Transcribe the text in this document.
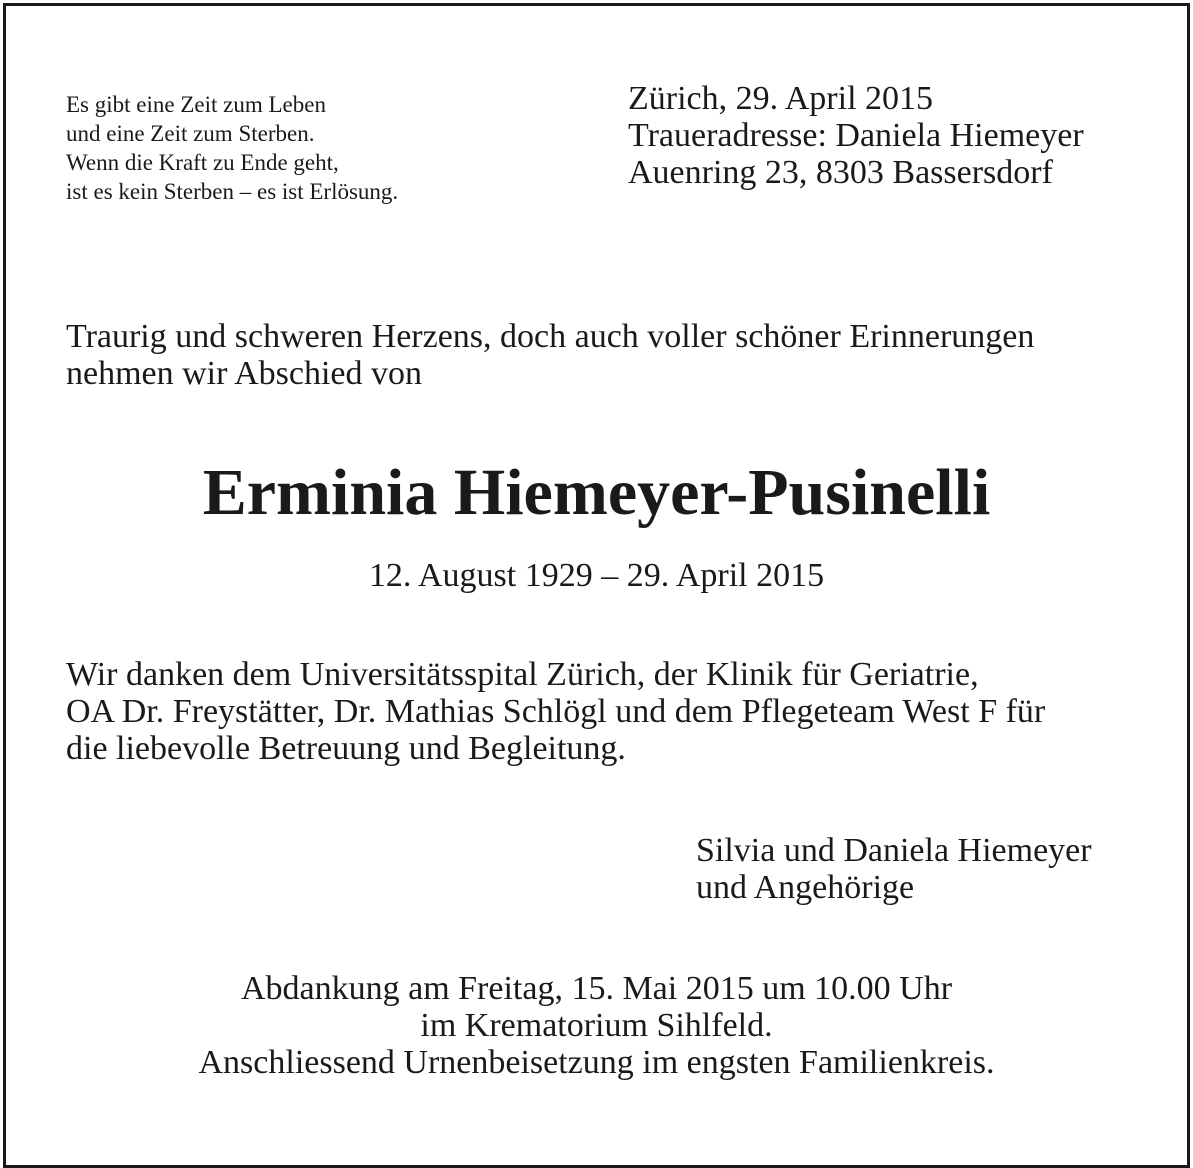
Es gibt eine Zeit zum Leben
und eine Zeit zum Sterben.
Wenn die Kraft zu Ende geht,
ist es kein Sterben – es ist Erlösung.
Zürich, 29. April 2015
Traueradresse: Daniela Hiemeyer
Auenring 23, 8303 Bassersdorf
Traurig und schweren Herzens, doch auch voller schöner Erinnerungen
nehmen wir Abschied von
Erminia Hiemeyer-Pusinelli
12. August 1929 – 29. April 2015
Wir danken dem Universitätsspital Zürich, der Klinik für Geriatrie,
OA Dr. Freystätter, Dr. Mathias Schlögl und dem Pflegeteam West F für
die liebevolle Betreuung und Begleitung.
Silvia und Daniela Hiemeyer
und Angehörige
Abdankung am Freitag, 15. Mai 2015 um 10.00 Uhr
im Krematorium Sihlfeld.
Anschliessend Urnenbeisetzung im engsten Familienkreis.
